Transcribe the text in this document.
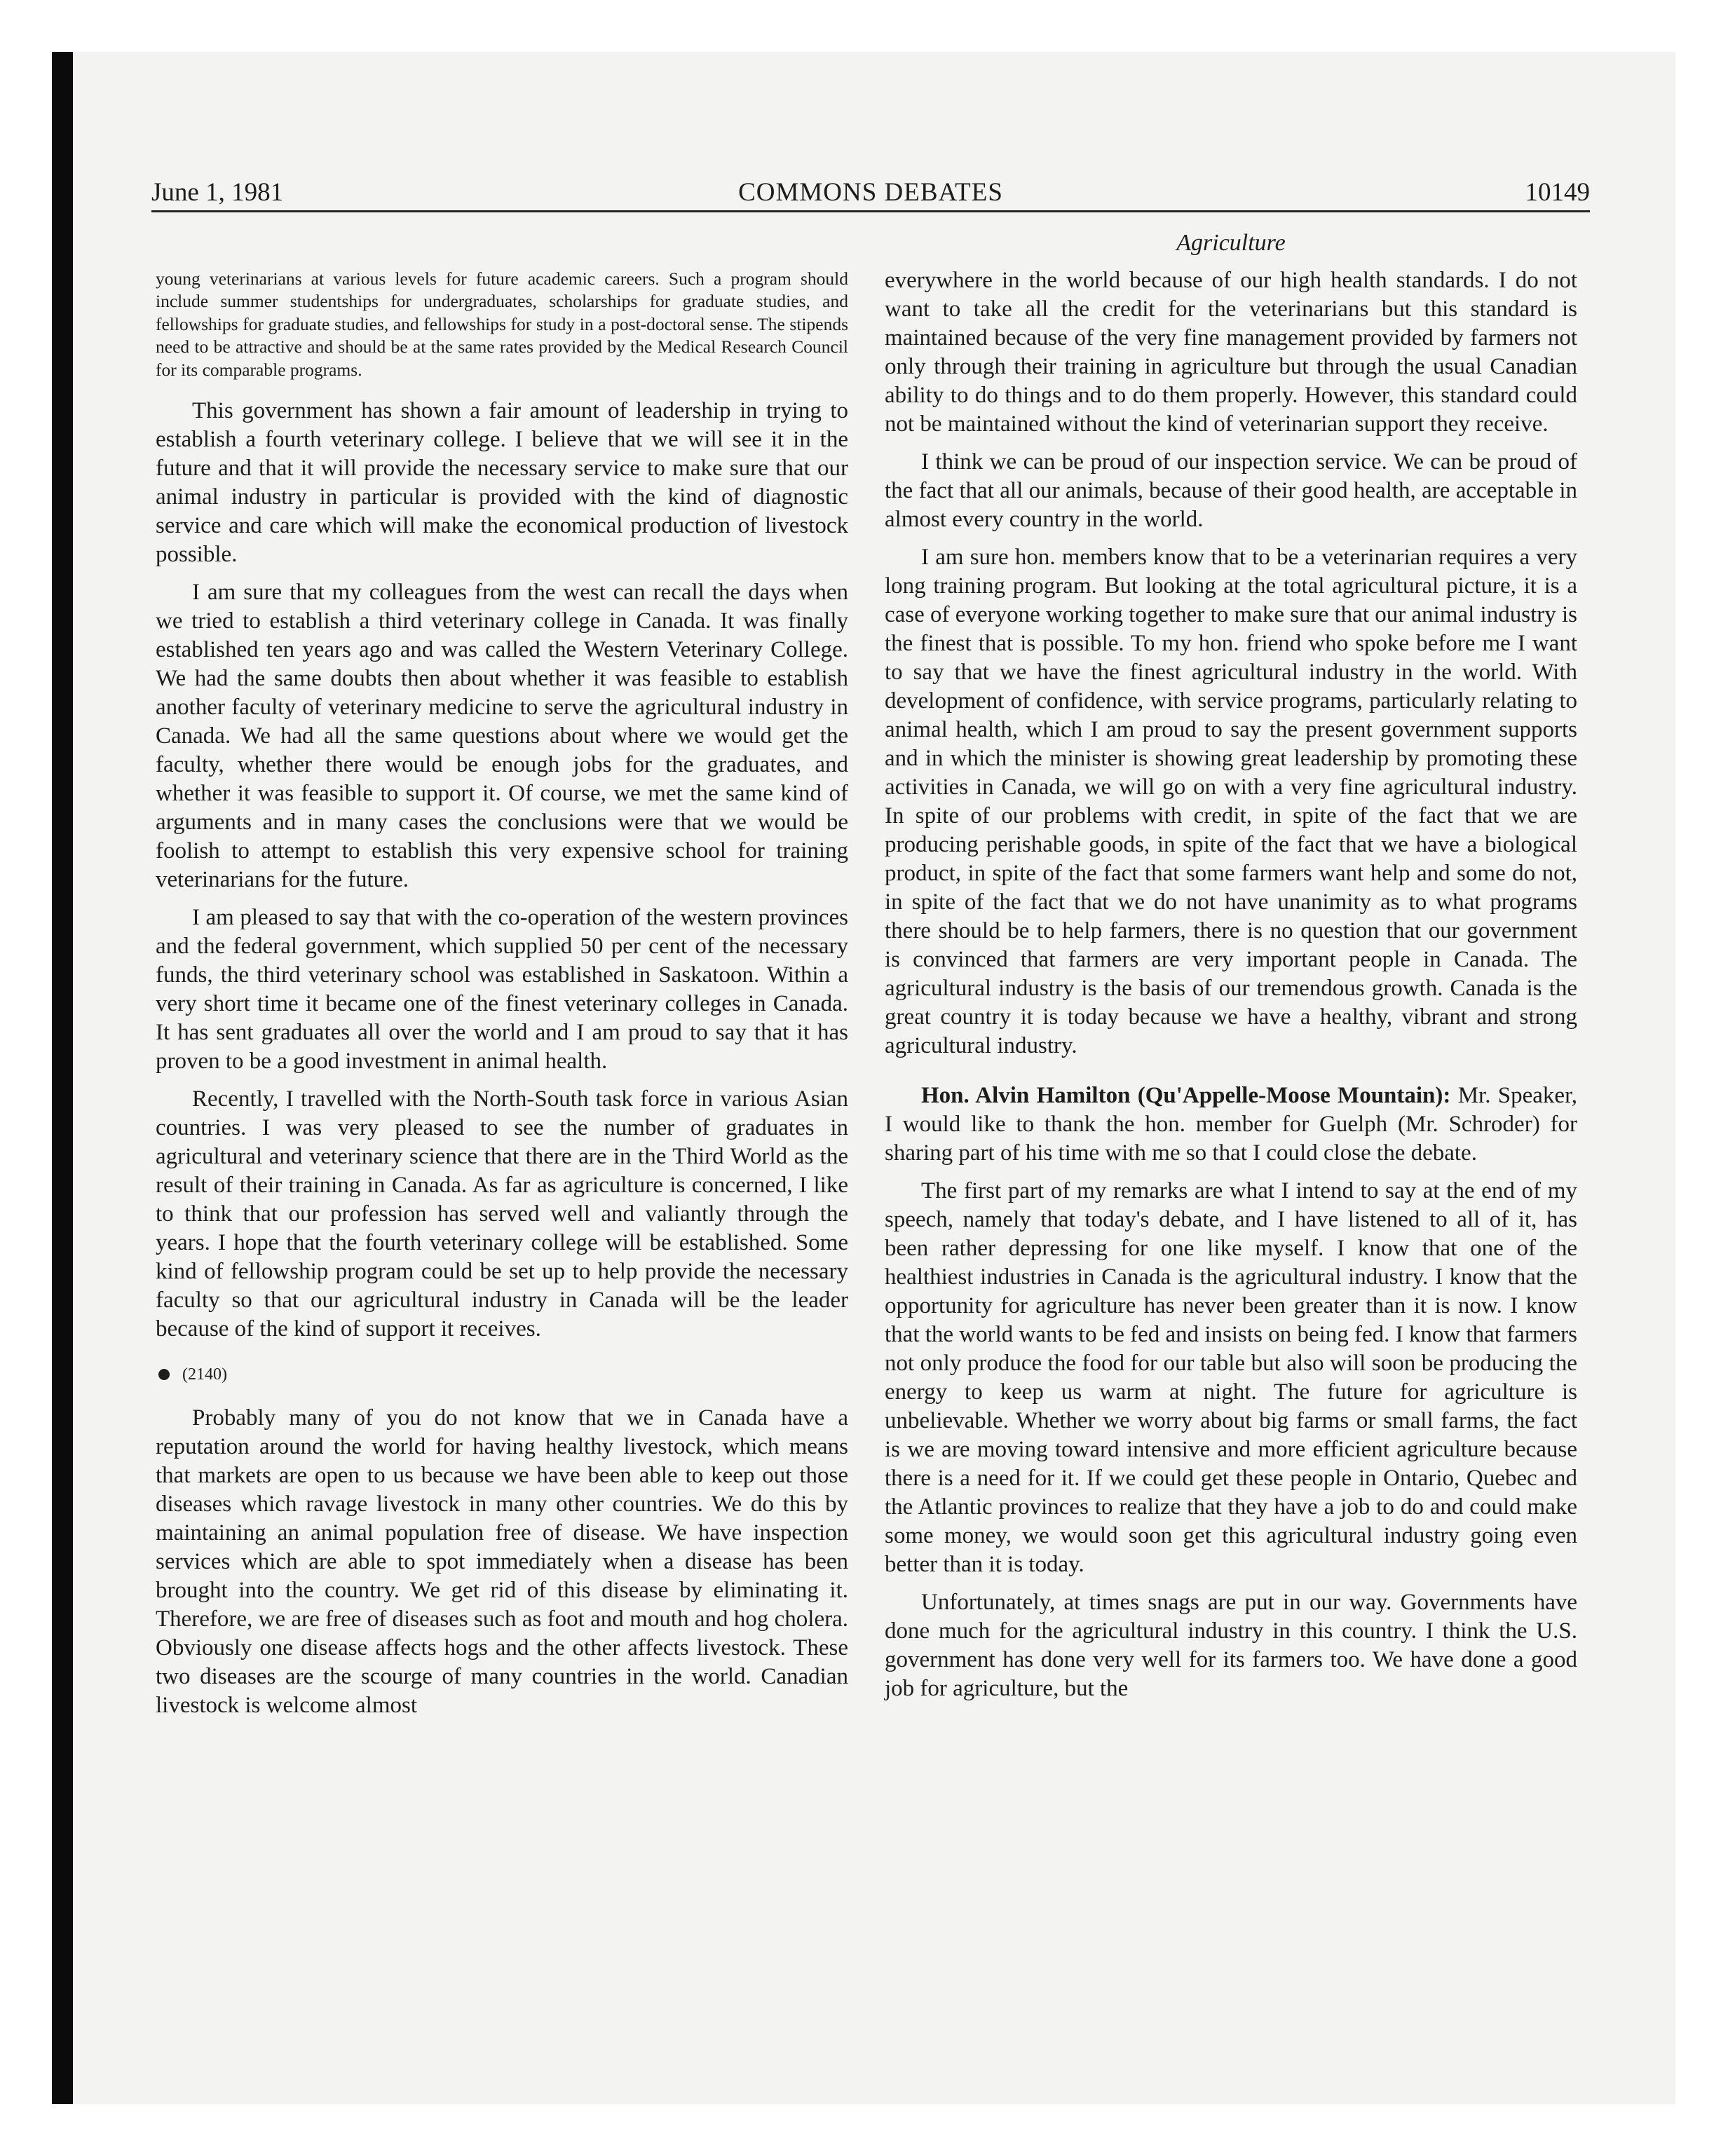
June 1, 1981	COMMONS DEBATES	10149

young veterinarians at various levels for future academic careers. Such a program should include summer studentships for undergraduates, scholarships for graduate studies, and fellowships for graduate studies, and fellowships for study in a post-doctoral sense. The stipends need to be attractive and should be at the same rates provided by the Medical Research Council for its comparable programs.

This government has shown a fair amount of leadership in trying to establish a fourth veterinary college. I believe that we will see it in the future and that it will provide the necessary service to make sure that our animal industry in particular is provided with the kind of diagnostic service and care which will make the economical production of livestock possible.

I am sure that my colleagues from the west can recall the days when we tried to establish a third veterinary college in Canada. It was finally established ten years ago and was called the Western Veterinary College. We had the same doubts then about whether it was feasible to establish another faculty of veterinary medicine to serve the agricultural industry in Canada. We had all the same questions about where we would get the faculty, whether there would be enough jobs for the graduates, and whether it was feasible to support it. Of course, we met the same kind of arguments and in many cases the conclusions were that we would be foolish to attempt to establish this very expensive school for training veterinarians for the future.

I am pleased to say that with the co-operation of the western provinces and the federal government, which supplied 50 per cent of the necessary funds, the third veterinary school was established in Saskatoon. Within a very short time it became one of the finest veterinary colleges in Canada. It has sent graduates all over the world and I am proud to say that it has proven to be a good investment in animal health.

Recently, I travelled with the North-South task force in various Asian countries. I was very pleased to see the number of graduates in agricultural and veterinary science that there are in the Third World as the result of their training in Canada. As far as agriculture is concerned, I like to think that our profession has served well and valiantly through the years. I hope that the fourth veterinary college will be established. Some kind of fellowship program could be set up to help provide the necessary faculty so that our agricultural industry in Canada will be the leader because of the kind of support it receives.

(2140)

Probably many of you do not know that we in Canada have a reputation around the world for having healthy livestock, which means that markets are open to us because we have been able to keep out those diseases which ravage livestock in many other countries. We do this by maintaining an animal population free of disease. We have inspection services which are able to spot immediately when a disease has been brought into the country. We get rid of this disease by eliminating it. Therefore, we are free of diseases such as foot and mouth and hog cholera. Obviously one disease affects hogs and the other affects livestock. These two diseases are the scourge of many countries in the world. Canadian livestock is welcome almost

Agriculture

everywhere in the world because of our high health standards. I do not want to take all the credit for the veterinarians but this standard is maintained because of the very fine management provided by farmers not only through their training in agriculture but through the usual Canadian ability to do things and to do them properly. However, this standard could not be maintained without the kind of veterinarian support they receive.

I think we can be proud of our inspection service. We can be proud of the fact that all our animals, because of their good health, are acceptable in almost every country in the world.

I am sure hon. members know that to be a veterinarian requires a very long training program. But looking at the total agricultural picture, it is a case of everyone working together to make sure that our animal industry is the finest that is possible. To my hon. friend who spoke before me I want to say that we have the finest agricultural industry in the world. With development of confidence, with service programs, particularly relating to animal health, which I am proud to say the present government supports and in which the minister is showing great leadership by promoting these activities in Canada, we will go on with a very fine agricultural industry. In spite of our problems with credit, in spite of the fact that we are producing perishable goods, in spite of the fact that we have a biological product, in spite of the fact that some farmers want help and some do not, in spite of the fact that we do not have unanimity as to what programs there should be to help farmers, there is no question that our government is convinced that farmers are very important people in Canada. The agricultural industry is the basis of our tremendous growth. Canada is the great country it is today because we have a healthy, vibrant and strong agricultural industry.

Hon. Alvin Hamilton (Qu'Appelle-Moose Mountain): Mr. Speaker, I would like to thank the hon. member for Guelph (Mr. Schroder) for sharing part of his time with me so that I could close the debate.

The first part of my remarks are what I intend to say at the end of my speech, namely that today's debate, and I have listened to all of it, has been rather depressing for one like myself. I know that one of the healthiest industries in Canada is the agricultural industry. I know that the opportunity for agriculture has never been greater than it is now. I know that the world wants to be fed and insists on being fed. I know that farmers not only produce the food for our table but also will soon be producing the energy to keep us warm at night. The future for agriculture is unbelievable. Whether we worry about big farms or small farms, the fact is we are moving toward intensive and more efficient agriculture because there is a need for it. If we could get these people in Ontario, Quebec and the Atlantic provinces to realize that they have a job to do and could make some money, we would soon get this agricultural industry going even better than it is today.

Unfortunately, at times snags are put in our way. Governments have done much for the agricultural industry in this country. I think the U.S. government has done very well for its farmers too. We have done a good job for agriculture, but the
